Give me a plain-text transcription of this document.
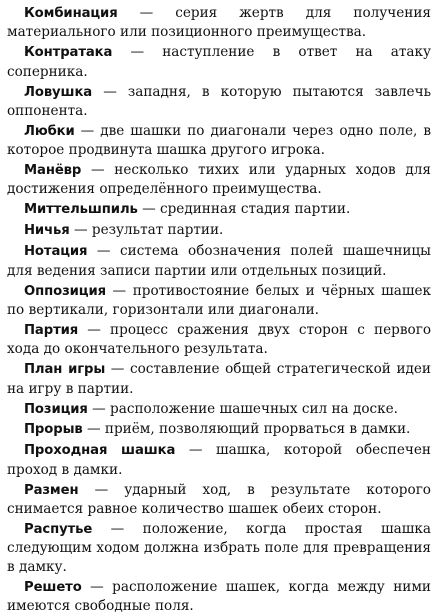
Комбинация — серия жертв для получения материального или позиционного преимущества.

Контратака — наступление в ответ на атаку соперника.

Ловушка — западня, в которую пытаются завлечь оппонента.

Любки — две шашки по диагонали через одно поле, в которое продвинута шашка другого игрока.

Манёвр — несколько тихих или ударных ходов для достижения определённого преимущества.

Миттельшпиль — срединная стадия партии.

Ничья — результат партии.

Нотация — система обозначения полей шашечницы для ведения записи партии или отдельных позиций.

Оппозиция — противостояние белых и чёрных шашек по вертикали, горизонтали или диагонали.

Партия — процесс сражения двух сторон с первого хода до окончательного результата.

План игры — составление общей стратегической идеи на игру в партии.

Позиция — расположение шашечных сил на доске.

Прорыв — приём, позволяющий прорваться в дамки.

Проходная шашка — шашка, которой обеспечен проход в дамки.

Размен — ударный ход, в результате которого снимается равное количество шашек обеих сторон.

Распутье — положение, когда простая шашка следующим ходом должна избрать поле для превращения в дамку.

Решето — расположение шашек, когда между ними имеются свободные поля.
